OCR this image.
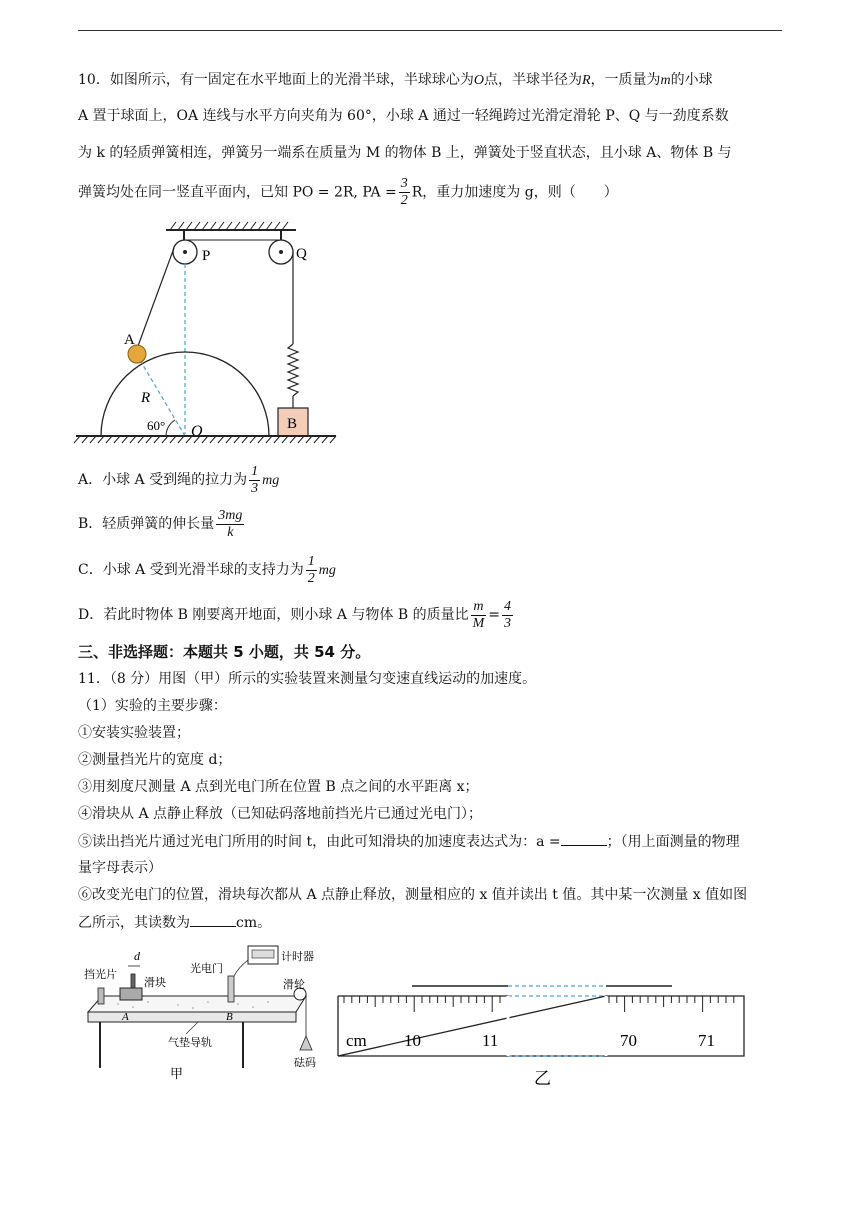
10．如图所示，有一固定在水平地面上的光滑半球，半球球心为O点，半球半径为R，一质量为m的小球
A 置于球面上，OA 连线与水平方向夹角为 60°，小球 A 通过一轻绳跨过光滑定滑轮 P、Q 与一劲度系数
为 k 的轻质弹簧相连，弹簧另一端系在质量为 M 的物体 B 上，弹簧处于竖直状态，且小球 A、物体 B 与
弹簧均处在同一竖直平面内，已知 PO = 2R, PA = $\frac{3}{2}$ R，重力加速度为 g，则（　　）
P	Q
A
R
60° O	B
A．小球 A 受到绳的拉力为 $\frac{1}{3}$ mg
B．轻质弹簧的伸长量 $\frac{3mg}{k}$
C．小球 A 受到光滑半球的支持力为 $\frac{1}{2}$ mg
D．若此时物体 B 刚要离开地面，则小球 A 与物体 B 的质量比 $\frac{m}{M} = \frac{4}{3}$
三、非选择题：本题共 5 小题，共 54 分。
11．（8 分）用图（甲）所示的实验装置来测量匀变速直线运动的加速度。
（1）实验的主要步骤：
①安装实验装置；
②测量挡光片的宽度 d；
③用刻度尺测量 A 点到光电门所在位置 B 点之间的水平距离 x；
④滑块从 A 点静止释放（已知砝码落地前挡光片已通过光电门）；
⑤读出挡光片通过光电门所用的时间 t，由此可知滑块的加速度表达式为：a =	；（用上面测量的物理
量字母表示）
⑥改变光电门的位置，滑块每次都从 A 点静止释放，测量相应的 x 值并读出 t 值。其中某一次测量 x 值如图
乙所示，其读数为	cm。
d
挡光片
滑块
A
光电门
B
计时器
滑轮
砝码
气垫导轨
甲
cm 10	11	70	71
乙
